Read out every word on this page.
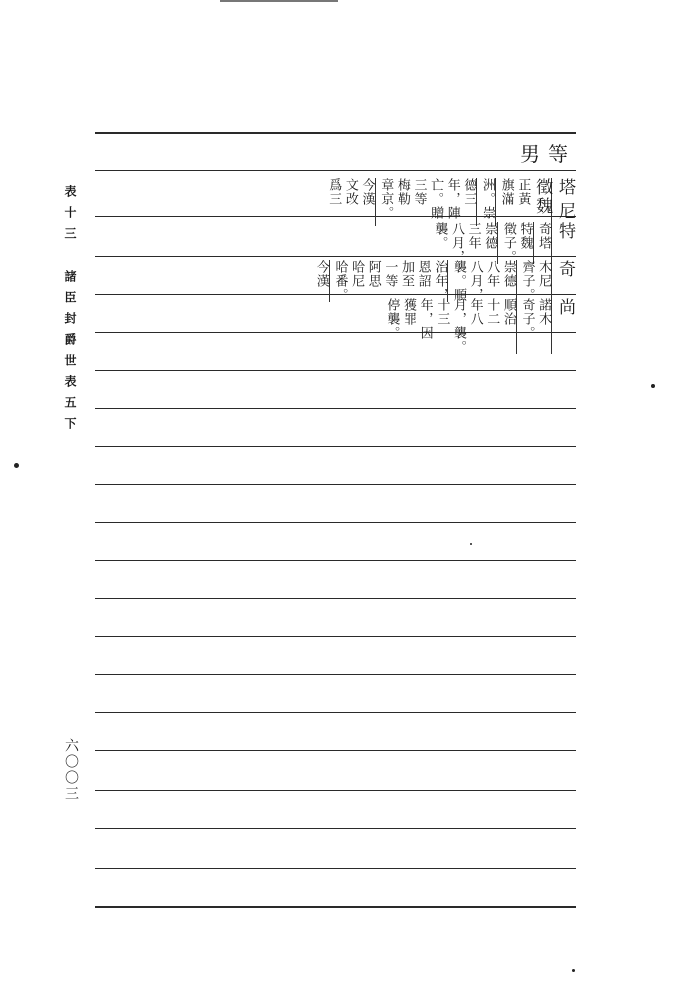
表十三
諸臣封爵世表五下
六〇〇三
男等
塔尼
徵魏
正黃
旗滿
洲。崇
德三
年，陣
亡。贈
三等
梅勒
章京。
今漢
文改
爲三
特
奇塔
特魏
徵子。
崇德
三年
八月，
襲。
奇
木尼
齊子。
崇德
八年
八月，
襲。順
治年，
恩詔
加至
一等
阿思
哈尼
哈番。
今漢
尚
諾木
奇子。
順治
十二
年八
月，襲。
十三
年，因
獲罪
停襲。
